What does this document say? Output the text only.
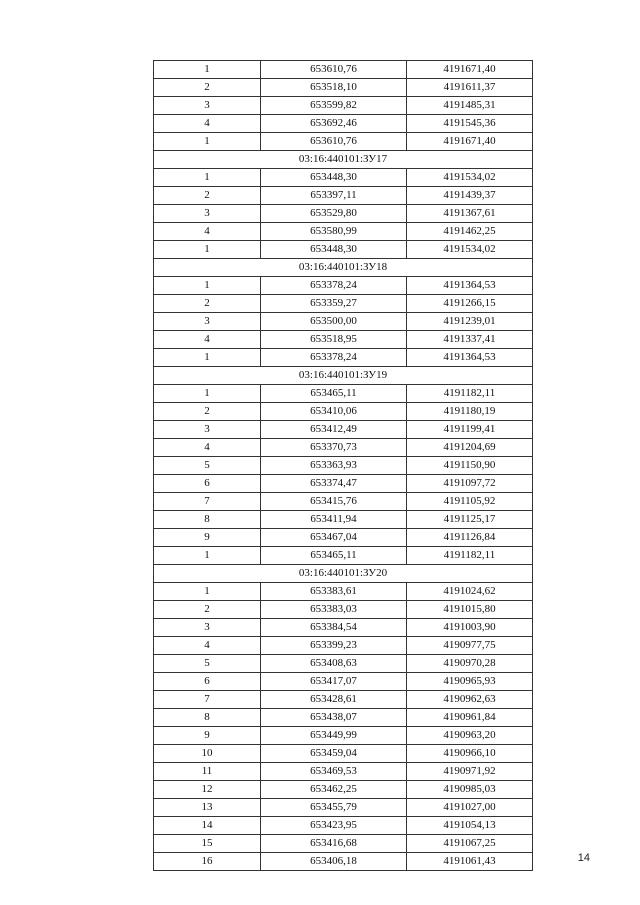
1	653610,76	4191671,40
2	653518,10	4191611,37
3	653599,82	4191485,31
4	653692,46	4191545,36
1	653610,76	4191671,40
03:16:440101:ЗУ17		
1	653448,30	4191534,02
2	653397,11	4191439,37
3	653529,80	4191367,61
4	653580,99	4191462,25
1	653448,30	4191534,02
03:16:440101:ЗУ18		
1	653378,24	4191364,53
2	653359,27	4191266,15
3	653500,00	4191239,01
4	653518,95	4191337,41
1	653378,24	4191364,53
03:16:440101:ЗУ19		
1	653465,11	4191182,11
2	653410,06	4191180,19
3	653412,49	4191199,41
4	653370,73	4191204,69
5	653363,93	4191150,90
6	653374,47	4191097,72
7	653415,76	4191105,92
8	653411,94	4191125,17
9	653467,04	4191126,84
1	653465,11	4191182,11
03:16:440101:ЗУ20		
1	653383,61	4191024,62
2	653383,03	4191015,80
3	653384,54	4191003,90
4	653399,23	4190977,75
5	653408,63	4190970,28
6	653417,07	4190965,93
7	653428,61	4190962,63
8	653438,07	4190961,84
9	653449,99	4190963,20
10	653459,04	4190966,10
11	653469,53	4190971,92
12	653462,25	4190985,03
13	653455,79	4191027,00
14	653423,95	4191054,13
15	653416,68	4191067,25
16	653406,18	4191061,43	14
